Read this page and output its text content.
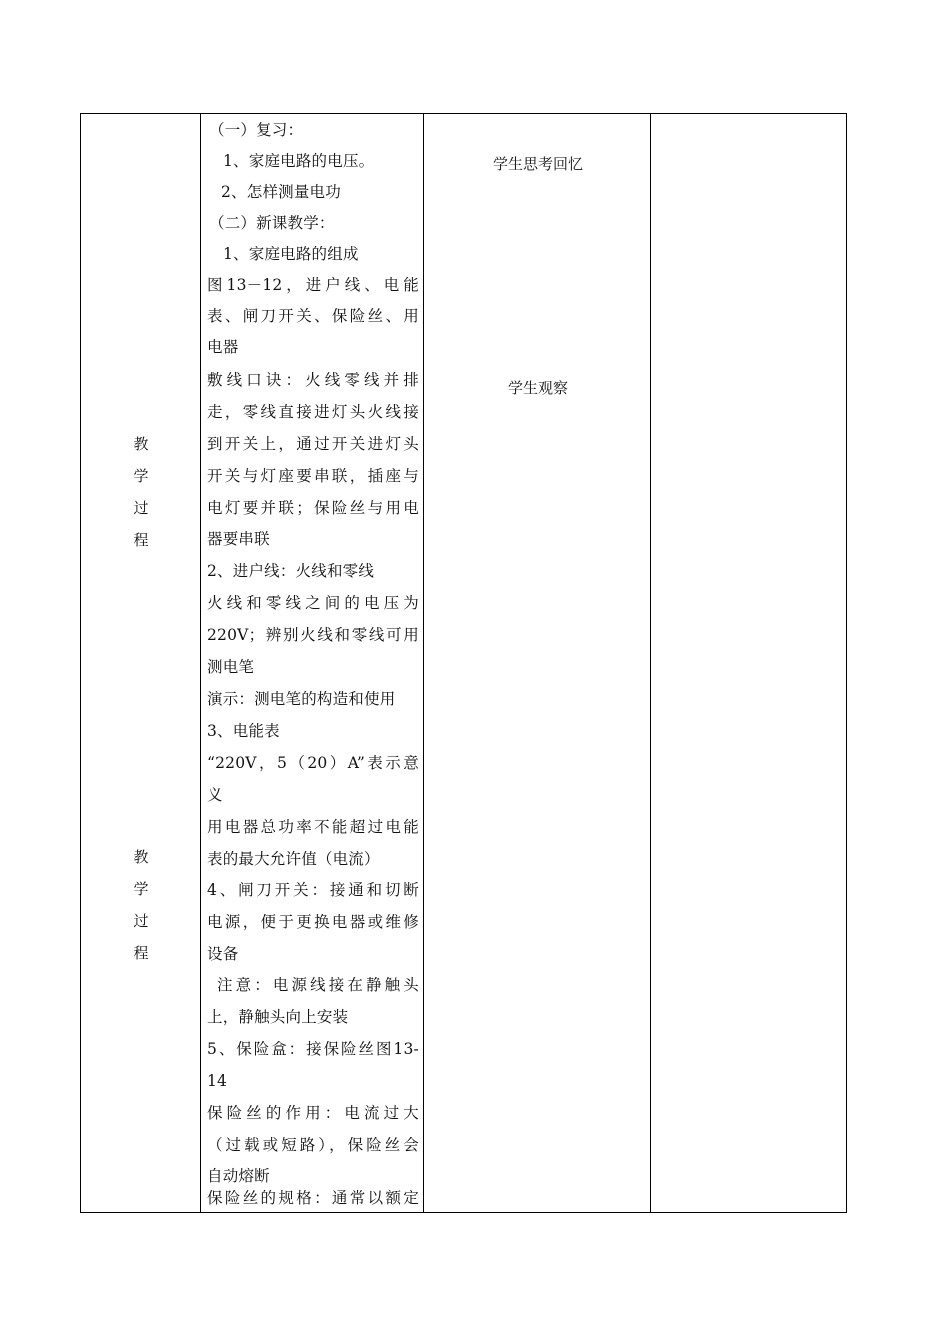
教
学
过
程
教
学
过
程
（一）复习：
1、家庭电路的电压。
2、怎样测量电功
（二）新课教学：
1、家庭电路的组成
图13－12，进户线、电能
表、闸刀开关、保险丝、用
电器
敷线口诀：火线零线并排
走，零线直接进灯头火线接
到开关上，通过开关进灯头
开关与灯座要串联，插座与
电灯要并联；保险丝与用电
器要串联
2、进户线：火线和零线
火线和零线之间的电压为
220V；辨别火线和零线可用
测电笔
演示：测电笔的构造和使用
3、电能表
“220V，5（20）A”表示意
义
用电器总功率不能超过电能
表的最大允许值（电流）
4、闸刀开关：接通和切断
电源，便于更换电器或维修
设备
注意：电源线接在静触头
上，静触头向上安装
5、保险盒：接保险丝图13-
14
保险丝的作用：电流过大
（过载或短路），保险丝会
自动熔断
保险丝的规格：通常以额定
学生思考回忆
学生观察
